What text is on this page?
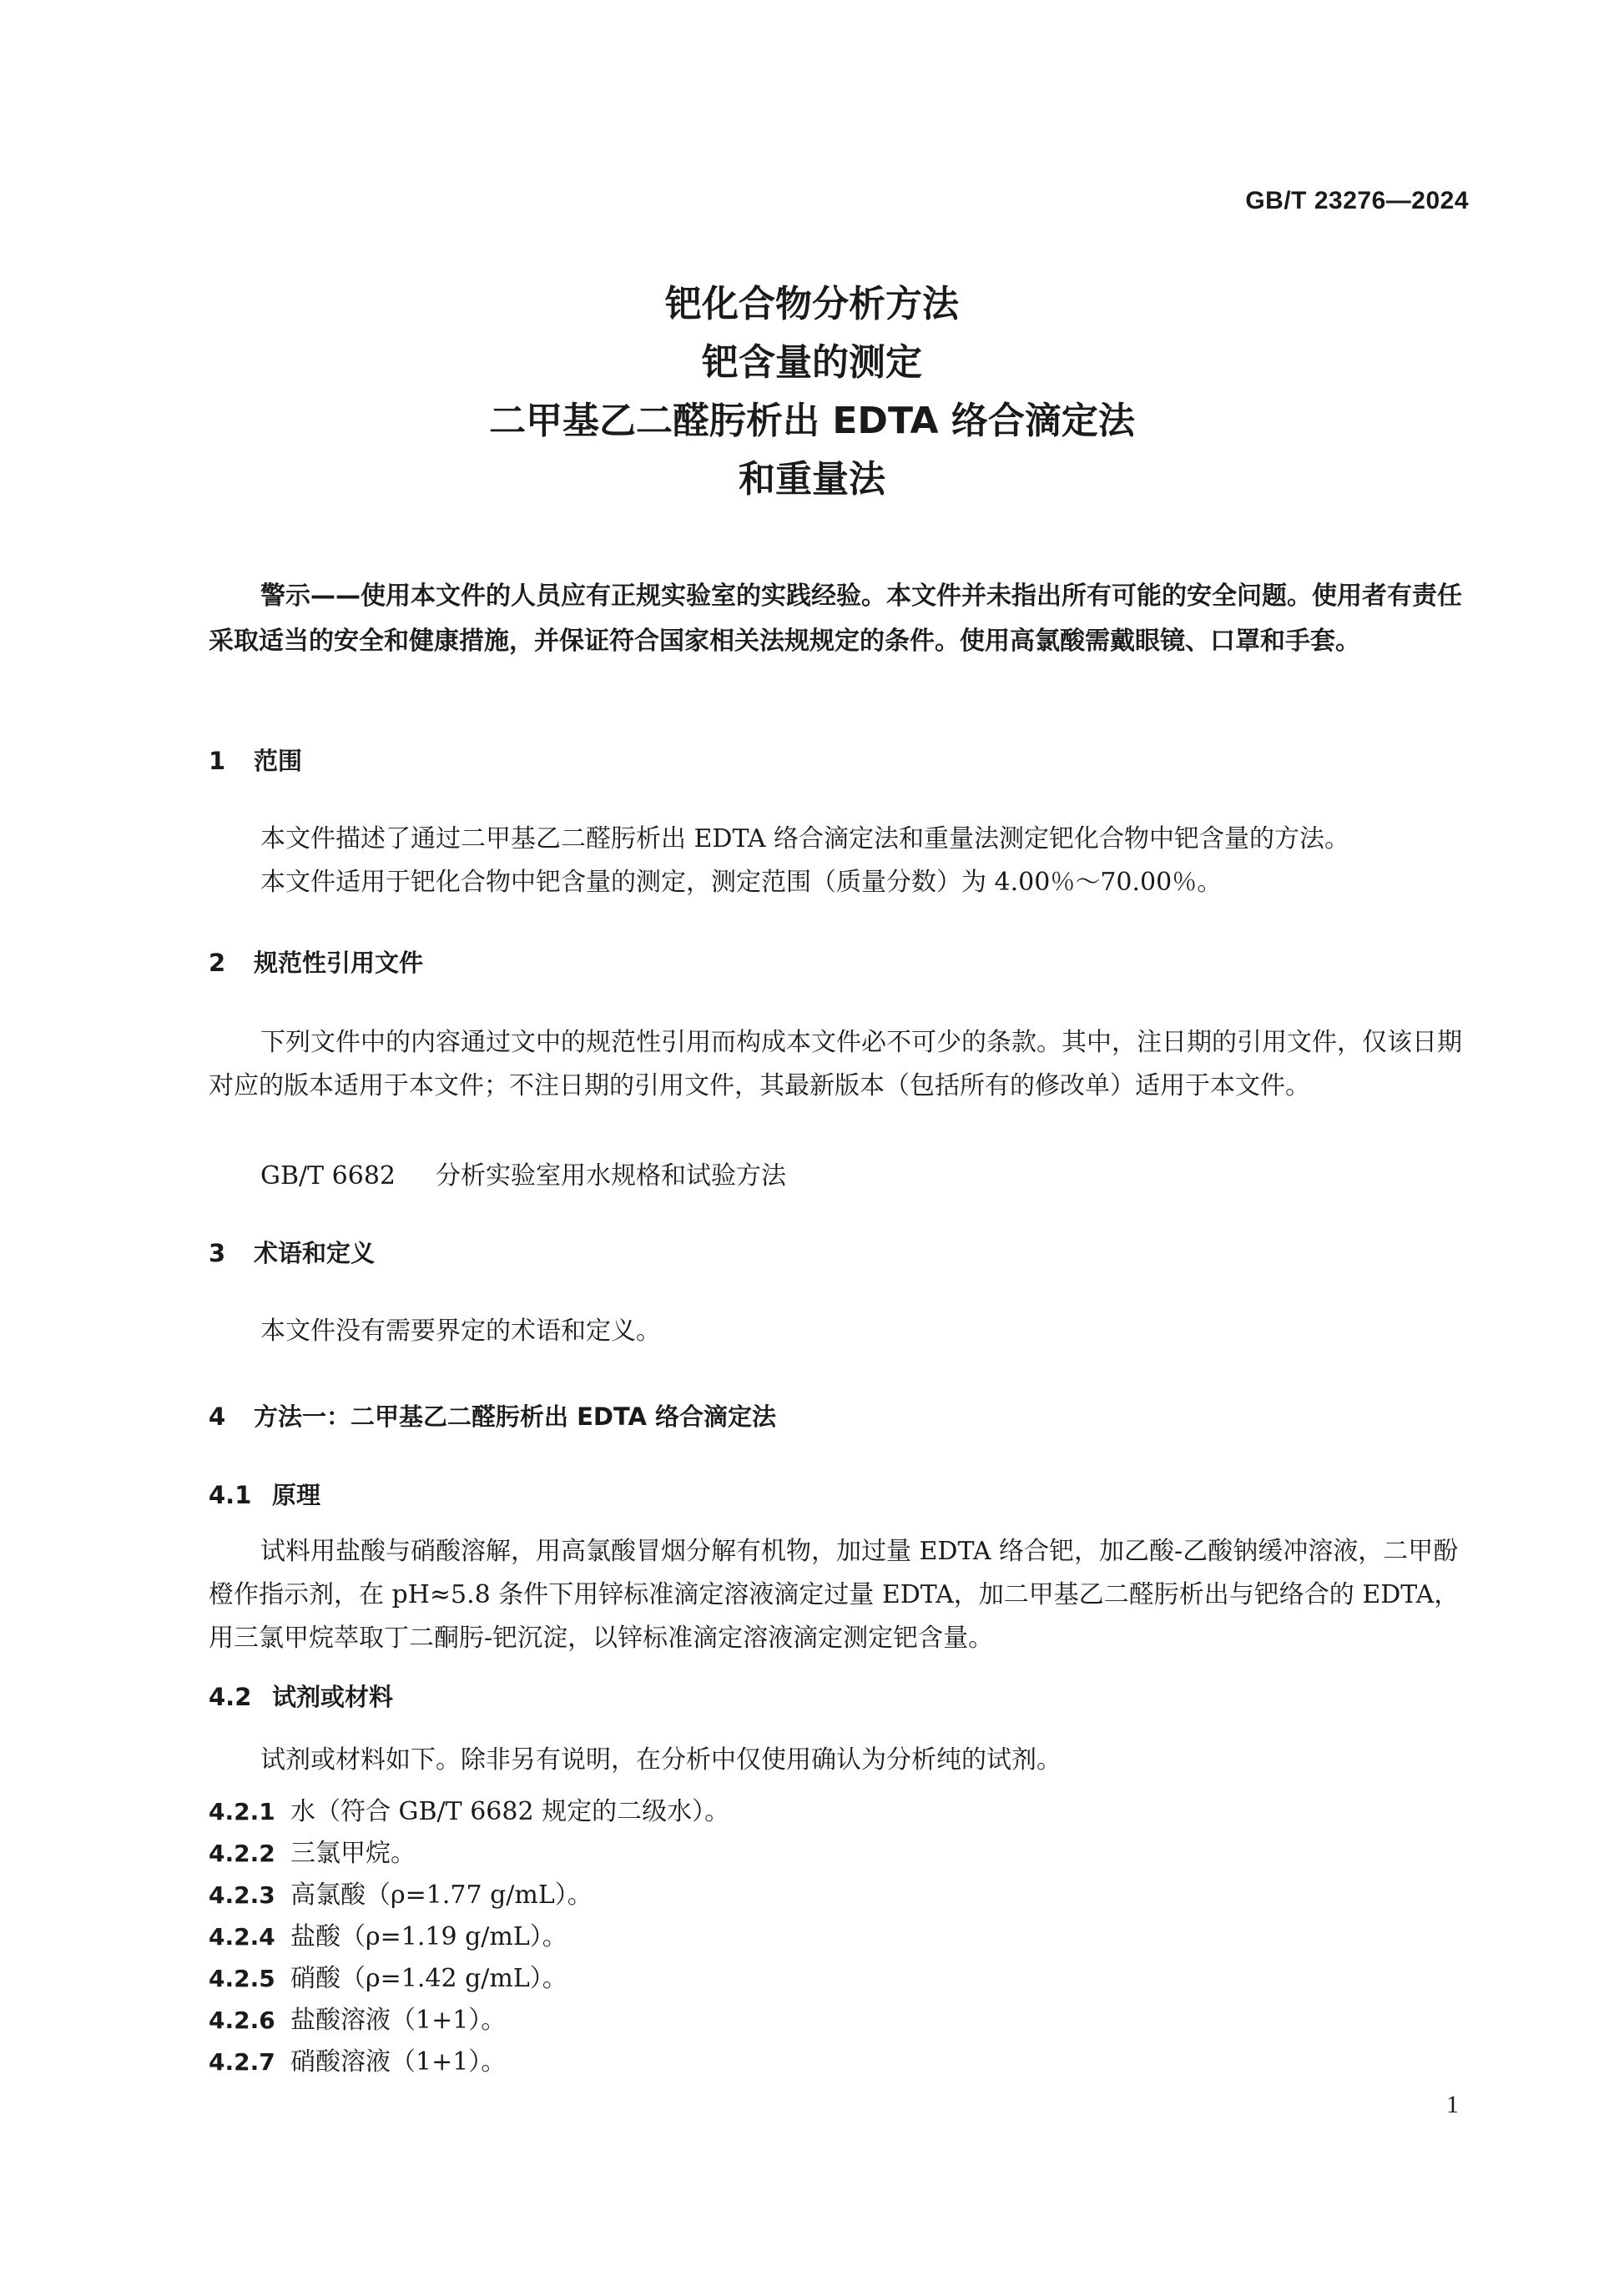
GB/T 23276—2024
钯化合物分析方法
钯含量的测定
二甲基乙二醛肟析出 EDTA 络合滴定法
和重量法
警示——使用本文件的人员应有正规实验室的实践经验。本文件并未指出所有可能的安全问题。使用者有责任采取适当的安全和健康措施，并保证符合国家相关法规规定的条件。使用高氯酸需戴眼镜、口罩和手套。
1 范围
本文件描述了通过二甲基乙二醛肟析出 EDTA 络合滴定法和重量法测定钯化合物中钯含量的方法。
本文件适用于钯化合物中钯含量的测定，测定范围（质量分数）为 4.00％～70.00％。
2 规范性引用文件
下列文件中的内容通过文中的规范性引用而构成本文件必不可少的条款。其中，注日期的引用文件，仅该日期对应的版本适用于本文件；不注日期的引用文件，其最新版本（包括所有的修改单）适用于本文件。
GB/T 6682 分析实验室用水规格和试验方法
3 术语和定义
本文件没有需要界定的术语和定义。
4 方法一：二甲基乙二醛肟析出 EDTA 络合滴定法
4.1 原理
试料用盐酸与硝酸溶解，用高氯酸冒烟分解有机物，加过量 EDTA 络合钯，加乙酸-乙酸钠缓冲溶液，二甲酚橙作指示剂，在 pH≈5.8 条件下用锌标准滴定溶液滴定过量 EDTA，加二甲基乙二醛肟析出与钯络合的 EDTA，用三氯甲烷萃取丁二酮肟-钯沉淀，以锌标准滴定溶液滴定测定钯含量。
4.2 试剂或材料
试剂或材料如下。除非另有说明，在分析中仅使用确认为分析纯的试剂。
4.2.1 水（符合 GB/T 6682 规定的二级水）。
4.2.2 三氯甲烷。
4.2.3 高氯酸（ρ=1.77 g/mL）。
4.2.4 盐酸（ρ=1.19 g/mL）。
4.2.5 硝酸（ρ=1.42 g/mL）。
4.2.6 盐酸溶液（1+1）。
4.2.7 硝酸溶液（1+1）。
1
